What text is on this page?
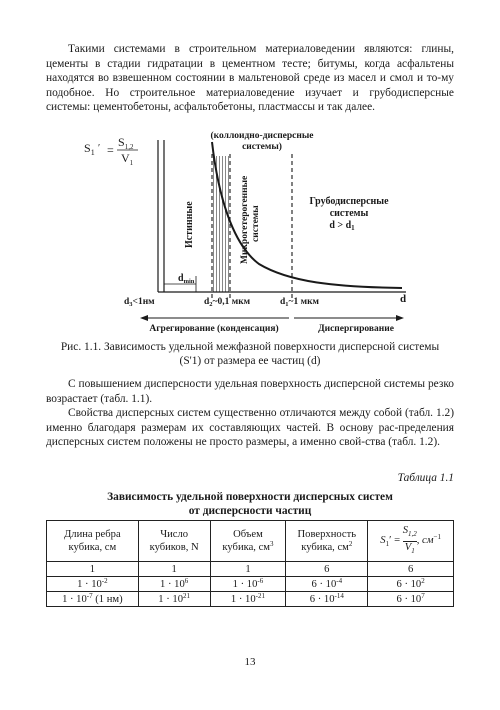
Такими системами в строительном материаловедении являются: глины, цементы в стадии гидратации в цементном тесте; битумы, когда асфальтены находятся во взвешенном состоянии в мальтеновой среде из масел и смол и то-му подобное. Но строительное материаловедение изучает и грубодисперсные системы: цементобетоны, асфальтобетоны, пластмассы и так далее.

$S_1$ ′ =
$S_{1,2}$
$V_1$
(коллоидно-дисперсные
системы)
Истинные	Микрогетерогенные системы
Грубодисперсные
системы
$d > d_1$
$d_{min}$
$d_3<1нм$	$d_2\sim 0,1$ мкм	$d_1\sim 1$ мкм	d
Агрегирование (конденсация)	Диспергирование
Рис. 1.1. Зависимость удельной межфазной поверхности дисперсной системы
(S'1) от размера ее частиц (d)

С повышением дисперсности удельная поверхность дисперсной системы резко возрастает (табл. 1.1).

Свойства дисперсных систем существенно отличаются между собой (табл. 1.2) именно благодаря размерам их составляющих частей. В основу рас-пределения дисперсных систем положены не просто размеры, а именно свой-ства (табл. 1.2).

Таблица 1.1
Зависимость удельной поверхности дисперсных систем
от дисперсности частиц
Длина ребра
кубика, см	Число
кубиков, N	Объем
кубика, $см^3$	Поверхность
кубика, $см^2$	$S_1' = \frac{S_{1,2}}{V_1}$ , $см^{-1}$
1	1	1	6	6
$1 \cdot 10^{-2}$	$1 \cdot 10^6$	$1 \cdot 10^{-6}$	$6 \cdot 10^{-4}$	$6 \cdot 10^2$
$1 \cdot 10^{-7}$ (1 нм)	$1 \cdot 10^{21}$	$1 \cdot 10^{-21}$	$6 \cdot 10^{-14}$	$6 \cdot 10^7$
13
